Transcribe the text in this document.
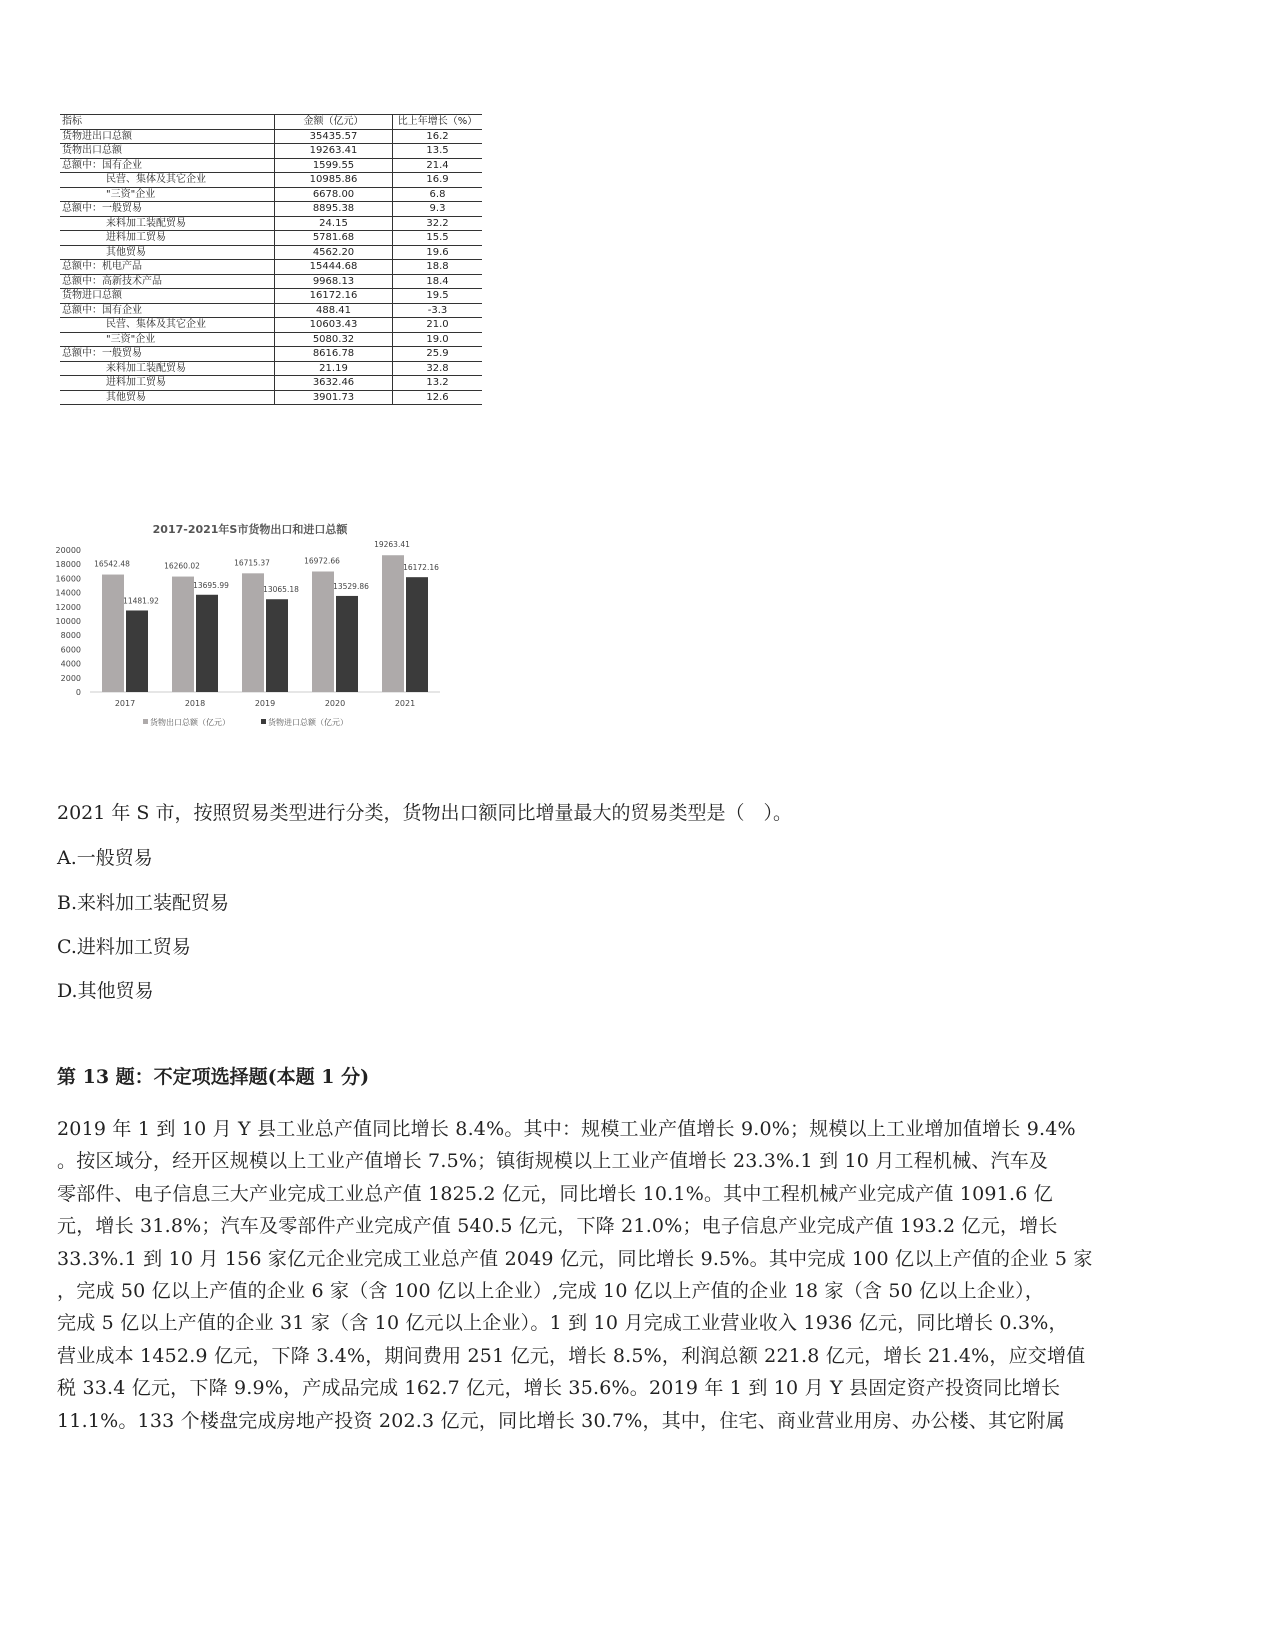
指标	金额（亿元）	比上年增长（%）
货物进出口总额	35435.57	16.2
货物出口总额	19263.41	13.5
总额中：国有企业	1599.55	21.4
民营、集体及其它企业	10985.86	16.9
"三资"企业	6678.00	6.8
总额中：一般贸易	8895.38	9.3
来料加工装配贸易	24.15	32.2
进料加工贸易	5781.68	15.5
其他贸易	4562.20	19.6
总额中：机电产品	15444.68	18.8
总额中：高新技术产品	9968.13	18.4
货物进口总额	16172.16	19.5
总额中：国有企业	488.41	-3.3
民营、集体及其它企业	10603.43	21.0
"三资"企业	5080.32	19.0
总额中：一般贸易	8616.78	25.9
来料加工装配贸易	21.19	32.8
进料加工贸易	3632.46	13.2
其他贸易	3901.73	12.6
2017-2021年S市货物出口和进口总额
0
2000
4000
6000
8000
10000
12000
14000
16000
18000
20000
16542.48
11481.92
2017
16260.02
13695.99
2018
16715.37
13065.18
2019
16972.66
13529.86
2020
19263.41
16172.16
2021
货物出口总额（亿元）	货物进口总额（亿元）
2021 年 S 市，按照贸易类型进行分类，货物出口额同比增量最大的贸易类型是（　）。
A.一般贸易
B.来料加工装配贸易
C.进料加工贸易
D.其他贸易
第 13 题：不定项选择题(本题 1 分)
2019 年 1 到 10 月 Y 县工业总产值同比增长 8.4%。其中：规模工业产值增长 9.0%；规模以上工业增加值增长 9.4%
。按区域分，经开区规模以上工业产值增长 7.5%；镇街规模以上工业产值增长 23.3%.1 到 10 月工程机械、汽车及
零部件、电子信息三大产业完成工业总产值 1825.2 亿元，同比增长 10.1%。其中工程机械产业完成产值 1091.6 亿
元，增长 31.8%；汽车及零部件产业完成产值 540.5 亿元，下降 21.0%；电子信息产业完成产值 193.2 亿元，增长
33.3%.1 到 10 月 156 家亿元企业完成工业总产值 2049 亿元，同比增长 9.5%。其中完成 100 亿以上产值的企业 5 家
，完成 50 亿以上产值的企业 6 家（含 100 亿以上企业）,完成 10 亿以上产值的企业 18 家（含 50 亿以上企业），
完成 5 亿以上产值的企业 31 家（含 10 亿元以上企业）。1 到 10 月完成工业营业收入 1936 亿元，同比增长 0.3%，
营业成本 1452.9 亿元，下降 3.4%，期间费用 251 亿元，增长 8.5%，利润总额 221.8 亿元，增长 21.4%，应交增值
税 33.4 亿元，下降 9.9%，产成品完成 162.7 亿元，增长 35.6%。2019 年 1 到 10 月 Y 县固定资产投资同比增长
11.1%。133 个楼盘完成房地产投资 202.3 亿元，同比增长 30.7%，其中，住宅、商业营业用房、办公楼、其它附属
